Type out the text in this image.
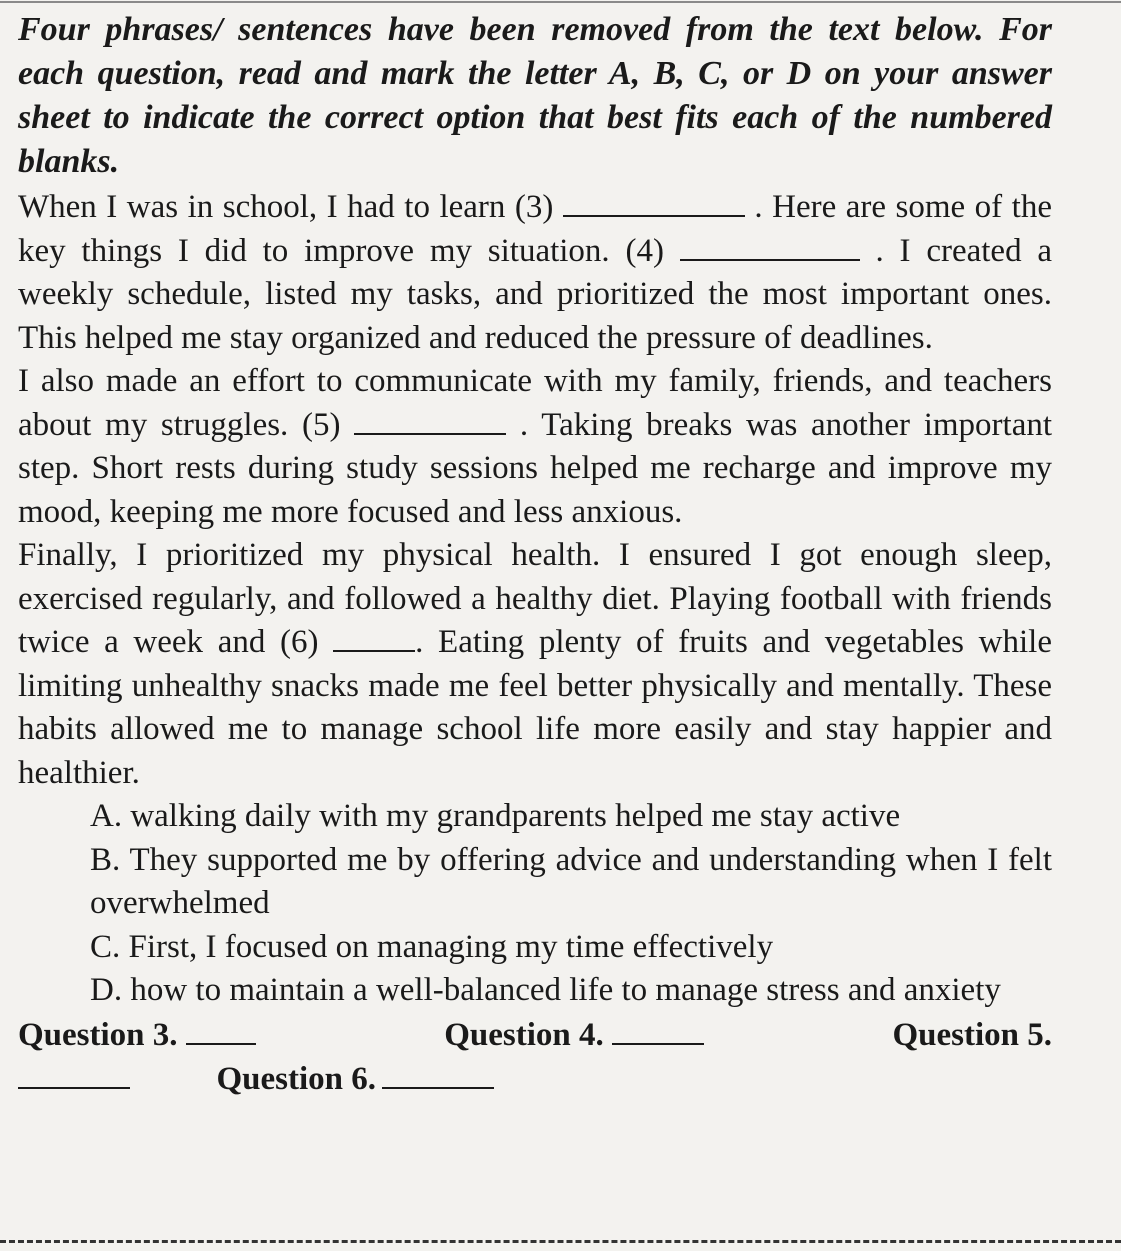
Four phrases/ sentences have been removed from the text below. For each question, read and mark the letter A, B, C, or D on your answer sheet to indicate the correct option that best fits each of the numbered blanks.

When I was in school, I had to learn (3)	. Here are some of the key things I did to improve my situation. (4)	. I created a weekly schedule, listed my tasks, and prioritized the most important ones. This helped me stay organized and reduced the pressure of deadlines.

I also made an effort to communicate with my family, friends, and teachers about my struggles. (5)	. Taking breaks was another important step. Short rests during study sessions helped me recharge and improve my mood, keeping me more focused and less anxious.

Finally, I prioritized my physical health. I ensured I got enough sleep, exercised regularly, and followed a healthy diet. Playing football with friends twice a week and (6) . Eating plenty of fruits and vegetables while limiting unhealthy snacks made me feel better physically and mentally. These habits allowed me to manage school life more easily and stay happier and healthier.

A. walking daily with my grandparents helped me stay active
B. They supported me by offering advice and understanding when I felt overwhelmed
C. First, I focused on managing my time effectively
D. how to maintain a well-balanced life to manage stress and anxiety
Question 3.	Question 4.	Question 5.
Question 6.
